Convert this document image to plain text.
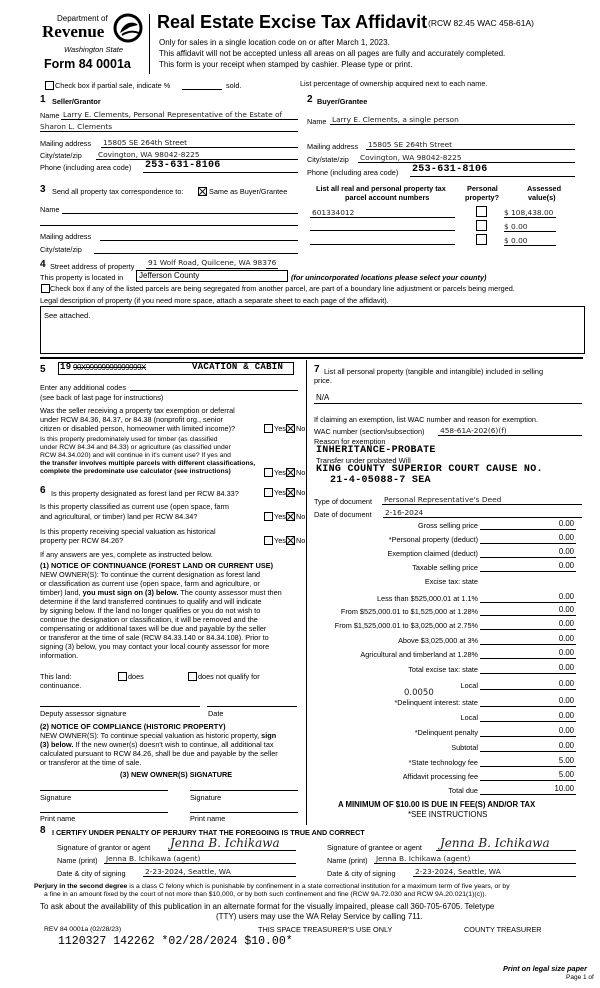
Department of
Revenue
Washington State
Form 84 0001a
Real Estate Excise Tax Affidavit (RCW 82.45 WAC 458-61A)
Only for sales in a single location code on or after March 1, 2023.
This affidavit will not be accepted unless all areas on all pages are fully and accurately completed.
This form is your receipt when stamped by cashier. Please type or print.
Check box if partial sale, indicate %	sold.	List percentage of ownership acquired next to each name.
1 Seller/Grantor
Name Larry E. Clements, Personal Representative of the Estate of
Sharon L. Clements
Mailing address 15805 SE 264th Street
City/state/zip Covington, WA 98042-8225
Phone (including area code) 253-631-8106
2 Buyer/Grantee
Name Larry E. Clements, a single person
Mailing address 15805 SE 264th Street
City/state/zip Covington, WA 98042-8225
Phone (including area code) 253-631-8106
3 Send all property tax correspondence to:	Same as Buyer/Grantee
Name
Mailing address
City/state/zip
List all real and personal property tax
parcel account numbers
Personal
property?
Assessed
value(s)
601334012	$ 108,438.00
$ 0.00
$ 0.00
4 Street address of property 91 Wolf Road, Quilcene, WA 98376
This property is located in Jefferson County	(for unincorporated locations please select your county)
Check box if any of the listed parcels are being segregated from another parcel, are part of a boundary line adjustment or parcels being merged.
Legal description of property (if you need more space, attach a separate sheet to each page of the affidavit).
See attached.
5 19 90X99999999999999X	VACATION & CABIN
Enter any additional codes
(see back of last page for instructions)
Was the seller receiving a property tax exemption or deferral
under RCW 84.36, 84.37, or 84.38 (nonprofit org., senior
citizen or disabled person, homeowner with limited income)?	Yes No
Is this property predominately used for timber (as classified
under RCW 84.34 and 84.33) or agriculture (as classified under
RCW 84.34.020) and will continue in it's current use? If yes and
the transfer involves multiple parcels with different classifications,
complete the predominate use calculator (see instructions)	Yes No
6 Is this property designated as forest land per RCW 84.33?	Yes No
Is this property classified as current use (open space, farm
and agricultural, or timber) land per RCW 84.34?	Yes No
Is this property receiving special valuation as historical
property per RCW 84.26?	Yes No
If any answers are yes, complete as instructed below.
(1) NOTICE OF CONTINUANCE (FOREST LAND OR CURRENT USE)
NEW OWNER(S): To continue the current designation as forest land
or classification as current use (open space, farm and agriculture, or
timber) land, you must sign on (3) below. The county assessor must then
determine if the land transferred continues to qualify and will indicate
by signing below. If the land no longer qualifies or you do not wish to
continue the designation or classification, it will be removed and the
compensating or additional taxes will be due and payable by the seller
or transferor at the time of sale (RCW 84.33.140 or 84.34.108). Prior to
signing (3) below, you may contact your local county assessor for more
information.
This land:	does	does not qualify for
continuance.
Deputy assessor signature	Date
(2) NOTICE OF COMPLIANCE (HISTORIC PROPERTY)
NEW OWNER(S): To continue special valuation as historic property, sign
(3) below. If the new owner(s) doesn't wish to continue, all additional tax
calculated pursuant to RCW 84.26, shall be due and payable by the seller
or transferor at the time of sale.
(3) NEW OWNER(S) SIGNATURE
Signature	Signature
Print name	Print name
7 List all personal property (tangible and intangible) included in selling
price.
N/A
If claiming an exemption, list WAC number and reason for exemption.
WAC number (section/subsection) 458-61A-202(6)(f)
Reason for exemption
INHERITANCE-PROBATE
Transfer under probated Will
KING COUNTY SUPERIOR COURT CAUSE NO.
21-4-05088-7 SEA
Type of document Personal Representative's Deed
Date of document 2-16-2024
Gross selling price	0.00
*Personal property (deduct)	0.00
Exemption claimed (deduct)	0.00
Taxable selling price	0.00
Excise tax: state
Less than $525,000.01 at 1.1%	0.00
From $525,000.01 to $1,525,000 at 1.28%	0.00
From $1,525,000.01 to $3,025,000 at 2.75%	0.00
Above $3,025,000 at 3%	0.00
Agricultural and timberland at 1.28%	0.00
Total excise tax: state	0.00
Local	0.00
*Delinquent interest: state	0.00
Local	0.00
*Delinquent penalty	0.00
Subtotal	0.00
*State technology fee	5.00
Affidavit processing fee	5.00
Total due	10.00
0.0050
A MINIMUM OF $10.00 IS DUE IN FEE(S) AND/OR TAX
*SEE INSTRUCTIONS
8 I CERTIFY UNDER PENALTY OF PERJURY THAT THE FOREGOING IS TRUE AND CORRECT
Signature of grantor or agent Jenna B. Ichikawa
Name (print) Jenna B. Ichikawa (agent)
Date & city of signing	2-23-2024, Seattle, WA
Signature of grantee or agent Jenna B. Ichikawa
Name (print) Jenna B. Ichikawa (agent)
Date & city of signing	2-23-2024, Seattle, WA
Perjury in the second degree is a class C felony which is punishable by confinement in a state correctional institution for a maximum term of five years, or by
a fine in an amount fixed by the court of not more than $10,000, or by both such confinement and fine (RCW 9A.72.030 and RCW 9A.20.021(1)(c)).
To ask about the availability of this publication in an alternate format for the visually impaired, please call 360-705-6705. Teletype
(TTY) users may use the WA Relay Service by calling 711.
REV 84 0001a (02/28/23)	THIS SPACE TREASURER'S USE ONLY	COUNTY TREASURER
1120327 142262 *02/28/2024 $10.00*
Print on legal size paper
Page 1 of
